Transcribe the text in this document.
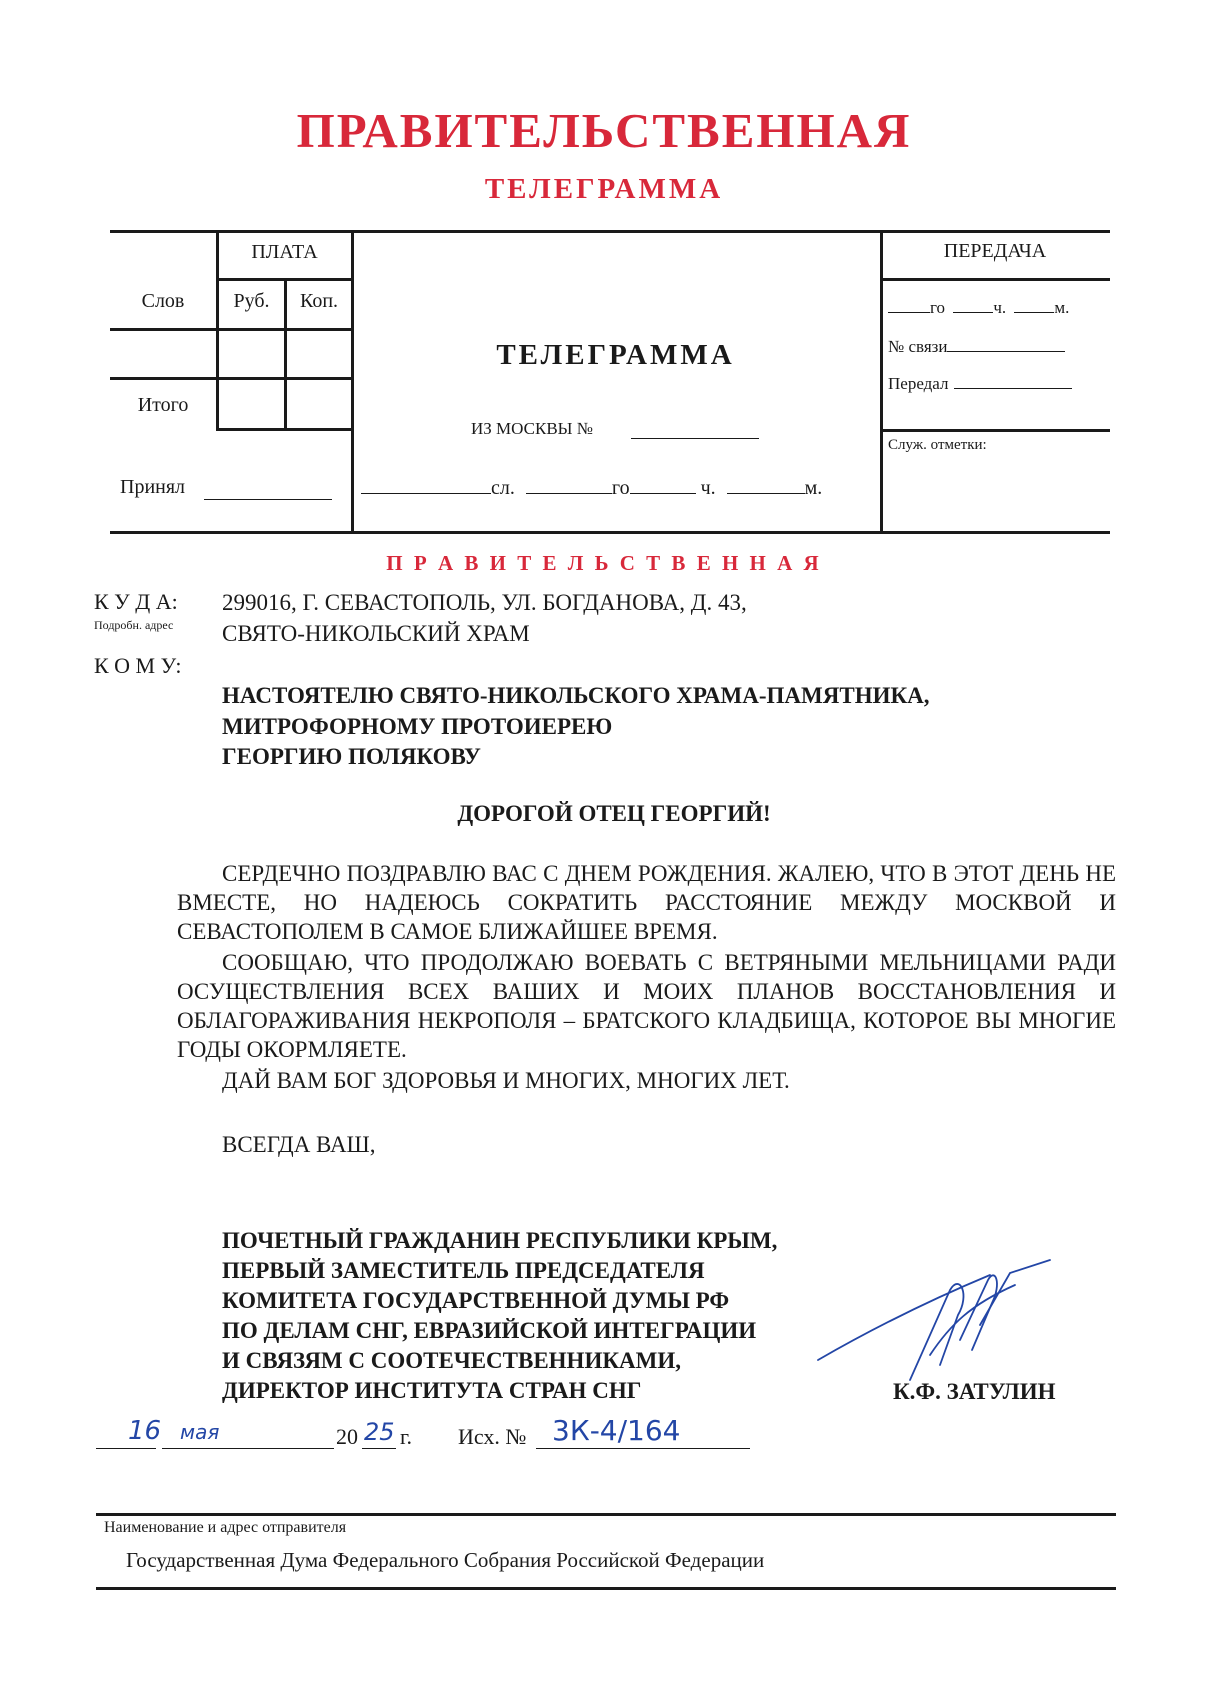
ПРАВИТЕЛЬСТВЕННАЯ
ТЕЛЕГРАММА
ПЛАТА
Слов	Руб.	Коп.
Итого
Принял
ТЕЛЕГРАММА
ИЗ МОСКВЫ №
сл.	го	ч.	м.
ПЕРЕДАЧА
го	ч.	м.
№ связи
Передал
Служ. отметки:
П Р А В И Т Е Л Ь С Т В Е Н Н А Я
К У Д А:
Подробн. адрес
299016, Г. СЕВАСТОПОЛЬ, УЛ. БОГДАНОВА, Д. 43,
СВЯТО-НИКОЛЬСКИЙ ХРАМ
К О М У:
НАСТОЯТЕЛЮ СВЯТО-НИКОЛЬСКОГО ХРАМА-ПАМЯТНИКА,
МИТРОФОРНОМУ ПРОТОИЕРЕЮ
ГЕОРГИЮ ПОЛЯКОВУ
ДОРОГОЙ ОТЕЦ ГЕОРГИЙ!
СЕРДЕЧНО ПОЗДРАВЛЮ ВАС С ДНЕМ РОЖДЕНИЯ. ЖАЛЕЮ, ЧТО В ЭТОТ ДЕНЬ НЕ ВМЕСТЕ, НО НАДЕЮСЬ СОКРАТИТЬ РАССТОЯНИЕ МЕЖДУ МОСКВОЙ И СЕВАСТОПОЛЕМ В САМОЕ БЛИЖАЙШЕЕ ВРЕМЯ.
СООБЩАЮ, ЧТО ПРОДОЛЖАЮ ВОЕВАТЬ С ВЕТРЯНЫМИ МЕЛЬНИЦАМИ РАДИ ОСУЩЕСТВЛЕНИЯ ВСЕХ ВАШИХ И МОИХ ПЛАНОВ ВОССТАНОВЛЕНИЯ И ОБЛАГОРАЖИВАНИЯ НЕКРОПОЛЯ – БРАТСКОГО КЛАДБИЩА, КОТОРОЕ ВЫ МНОГИЕ ГОДЫ ОКОРМЛЯЕТЕ.
ДАЙ ВАМ БОГ ЗДОРОВЬЯ И МНОГИХ, МНОГИХ ЛЕТ.
ВСЕГДА ВАШ,
ПОЧЕТНЫЙ ГРАЖДАНИН РЕСПУБЛИКИ КРЫМ,
ПЕРВЫЙ ЗАМЕСТИТЕЛЬ ПРЕДСЕДАТЕЛЯ
КОМИТЕТА ГОСУДАРСТВЕННОЙ ДУМЫ РФ
ПО ДЕЛАМ СНГ, ЕВРАЗИЙСКОЙ ИНТЕГРАЦИИ
И СВЯЗЯМ С СООТЕЧЕСТВЕННИКАМИ,
ДИРЕКТОР ИНСТИТУТА СТРАН СНГ	К.Ф. ЗАТУЛИН
16 мая	20 25 г. Исх. № 3К-4/164
Наименование и адрес отправителя
Государственная Дума Федерального Собрания Российской Федерации
